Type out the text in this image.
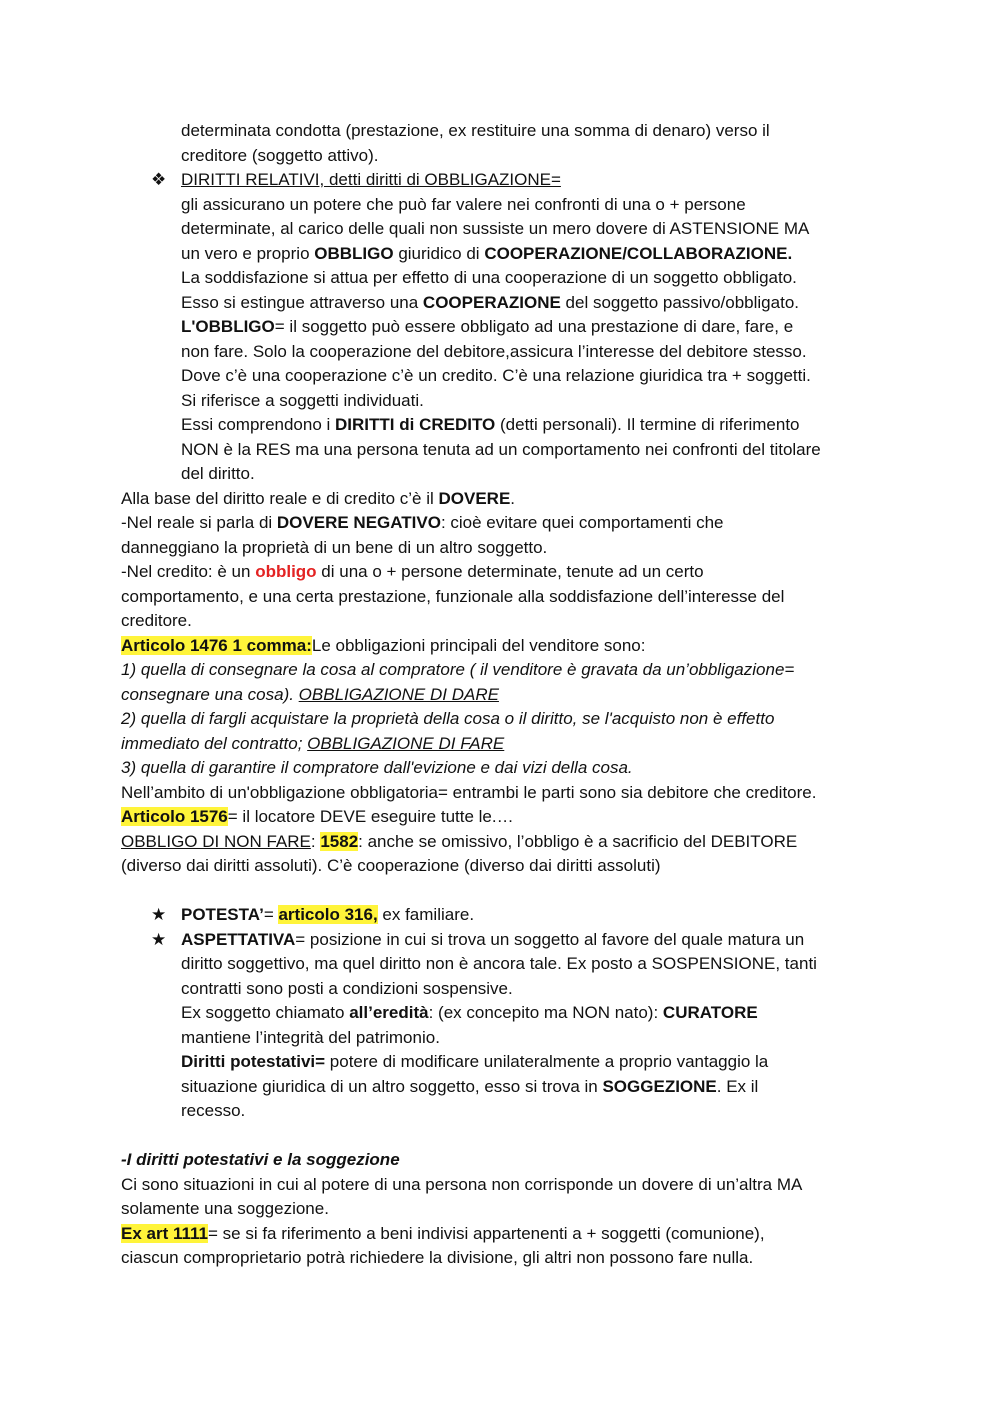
determinata condotta (prestazione, ex restituire una somma di denaro) verso il
creditore (soggetto attivo).
❖ DIRITTI RELATIVI, detti diritti di OBBLIGAZIONE=
gli assicurano un potere che può far valere nei confronti di una o + persone
determinate, al carico delle quali non sussiste un mero dovere di ASTENSIONE MA
un vero e proprio OBBLIGO giuridico di COOPERAZIONE/COLLABORAZIONE.
La soddisfazione si attua per effetto di una cooperazione di un soggetto obbligato.
Esso si estingue attraverso una COOPERAZIONE del soggetto passivo/obbligato.
L'OBBLIGO= il soggetto può essere obbligato ad una prestazione di dare, fare, e
non fare. Solo la cooperazione del debitore,assicura l’interesse del debitore stesso.
Dove c’è una cooperazione c’è un credito. C’è una relazione giuridica tra + soggetti.
Si riferisce a soggetti individuati.
Essi comprendono i DIRITTI di CREDITO (detti personali). Il termine di riferimento
NON è la RES ma una persona tenuta ad un comportamento nei confronti del titolare
del diritto.
Alla base del diritto reale e di credito c’è il DOVERE.
-Nel reale si parla di DOVERE NEGATIVO: cioè evitare quei comportamenti che
danneggiano la proprietà di un bene di un altro soggetto.
-Nel credito: è un obbligo di una o + persone determinate, tenute ad un certo
comportamento, e una certa prestazione, funzionale alla soddisfazione dell’interesse del
creditore.
Articolo 1476 1 comma:Le obbligazioni principali del venditore sono:
1) quella di consegnare la cosa al compratore ( il venditore è gravata da un’obbligazione=
consegnare una cosa). OBBLIGAZIONE DI DARE
2) quella di fargli acquistare la proprietà della cosa o il diritto, se l'acquisto non è effetto
immediato del contratto; OBBLIGAZIONE DI FARE
3) quella di garantire il compratore dall'evizione e dai vizi della cosa.
Nell’ambito di un'obbligazione obbligatoria= entrambi le parti sono sia debitore che creditore.
Articolo 1576= il locatore DEVE eseguire tutte le.…
OBBLIGO DI NON FARE: 1582: anche se omissivo, l’obbligo è a sacrificio del DEBITORE
(diverso dai diritti assoluti). C’è cooperazione (diverso dai diritti assoluti)
★ POTESTA’= articolo 316, ex familiare.
★ ASPETTATIVA= posizione in cui si trova un soggetto al favore del quale matura un
diritto soggettivo, ma quel diritto non è ancora tale. Ex posto a SOSPENSIONE, tanti
contratti sono posti a condizioni sospensive.
Ex soggetto chiamato all’eredità: (ex concepito ma NON nato): CURATORE
mantiene l’integrità del patrimonio.
Diritti potestativi= potere di modificare unilateralmente a proprio vantaggio la
situazione giuridica di un altro soggetto, esso si trova in SOGGEZIONE. Ex il
recesso.
-I diritti potestativi e la soggezione
Ci sono situazioni in cui al potere di una persona non corrisponde un dovere di un’altra MA
solamente una soggezione.
Ex art 1111= se si fa riferimento a beni indivisi appartenenti a + soggetti (comunione),
ciascun comproprietario potrà richiedere la divisione, gli altri non possono fare nulla.
